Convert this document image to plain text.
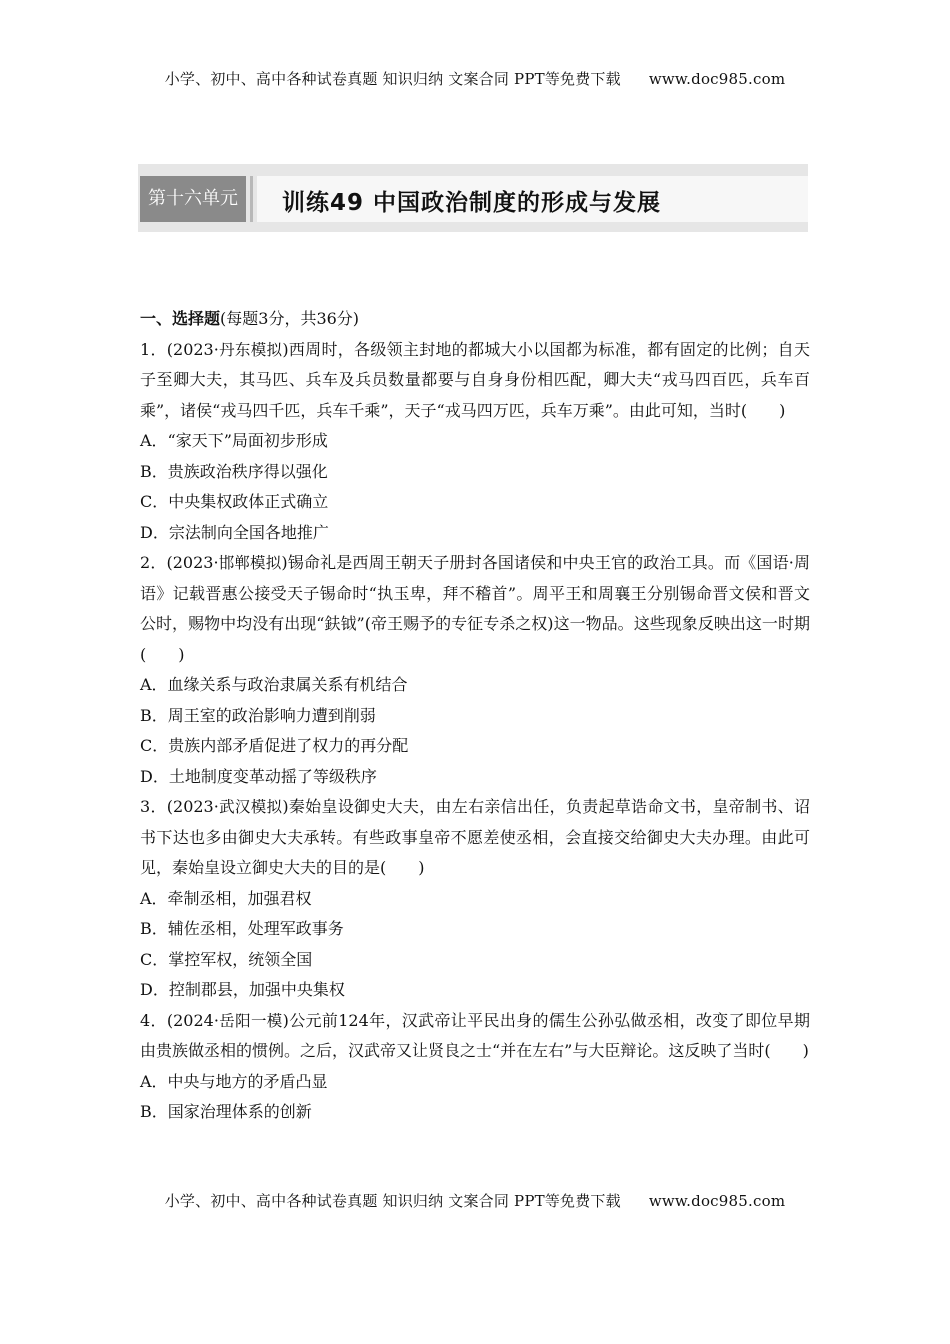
小学、初中、高中各种试卷真题 知识归纳 文案合同 PPT等免费下载 www.doc985.com
第十六单元	训练49 中国政治制度的形成与发展

一、选择题(每题3分，共36分)

1．(2023·丹东模拟)西周时，各级领主封地的都城大小以国都为标准，都有固定的比例；自天子至卿大夫，其马匹、兵车及兵员数量都要与自身身份相匹配，卿大夫“戎马四百匹，兵车百乘”，诸侯“戎马四千匹，兵车千乘”，天子“戎马四万匹，兵车万乘”。由此可知，当时(　　)

A．“家天下”局面初步形成

B．贵族政治秩序得以强化

C．中央集权政体正式确立

D．宗法制向全国各地推广

2．(2023·邯郸模拟)锡命礼是西周王朝天子册封各国诸侯和中央王官的政治工具。而《国语·周语》记载晋惠公接受天子锡命时“执玉卑，拜不稽首”。周平王和周襄王分别锡命晋文侯和晋文公时，赐物中均没有出现“鈇钺”(帝王赐予的专征专杀之权)这一物品。这些现象反映出这一时期(　　)

A．血缘关系与政治隶属关系有机结合

B．周王室的政治影响力遭到削弱

C．贵族内部矛盾促进了权力的再分配

D．土地制度变革动摇了等级秩序

3．(2023·武汉模拟)秦始皇设御史大夫，由左右亲信出任，负责起草诰命文书，皇帝制书、诏书下达也多由御史大夫承转。有些政事皇帝不愿差使丞相，会直接交给御史大夫办理。由此可见，秦始皇设立御史大夫的目的是(　　)

A．牵制丞相，加强君权

B．辅佐丞相，处理军政事务

C．掌控军权，统领全国

D．控制郡县，加强中央集权

4．(2024·岳阳一模)公元前124年，汉武帝让平民出身的儒生公孙弘做丞相，改变了即位早期由贵族做丞相的惯例。之后，汉武帝又让贤良之士“并在左右”与大臣辩论。这反映了当时(　　)

A．中央与地方的矛盾凸显

B．国家治理体系的创新

小学、初中、高中各种试卷真题 知识归纳 文案合同 PPT等免费下载 www.doc985.com
